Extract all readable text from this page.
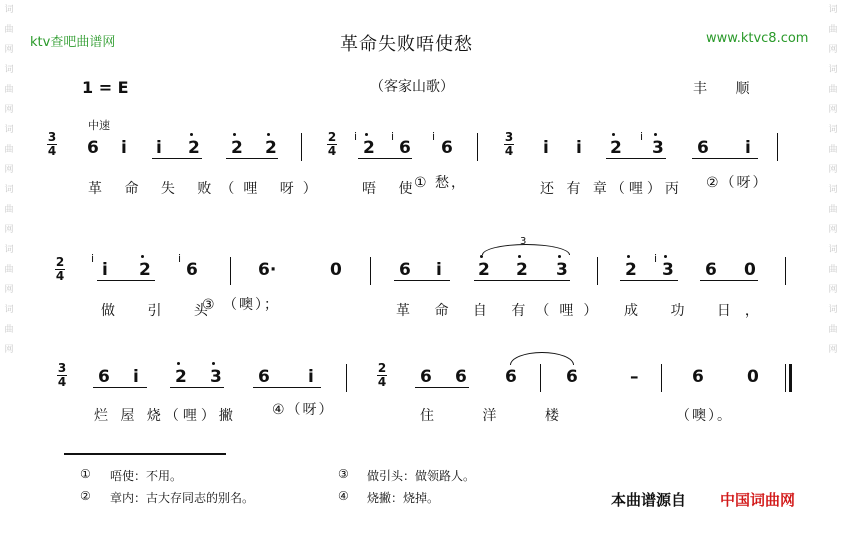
词曲网词曲网词曲网词曲网词曲网词曲网
词曲网词曲网词曲网词曲网词曲网词曲网
ktv查吧曲谱网	革命失败唔使愁	www.ktvc8.com
（客家山歌）
1 = E	丰 顺
中速
3
4 6 i i 2 2 2
2
4
i
2
i
6
i
6
3
4 i i 2
i
3 6 i
革 命 失 败（哩 呀）	唔 使
① 愁，	还 有 章（哩）丙 ②（呀）
2
4
i
i 2
i
6	6·	0	6 i 2 2 3
3
2
i
3 6 0
做 引 头
③ （噢）；	革 命 自 有（哩） 成 功 日，
3
4 6 i 2 3 6 i	2
4 6 6 6	6	–	6	0
烂 屋 烧（哩）撇	④（呀）	住 洋 楼	（噢）。
① 唔使：不用。
② 章内：古大存同志的别名。
③ 做引头：做领路人。
④ 烧撇：烧掉。	本曲谱源自 中国词曲网
